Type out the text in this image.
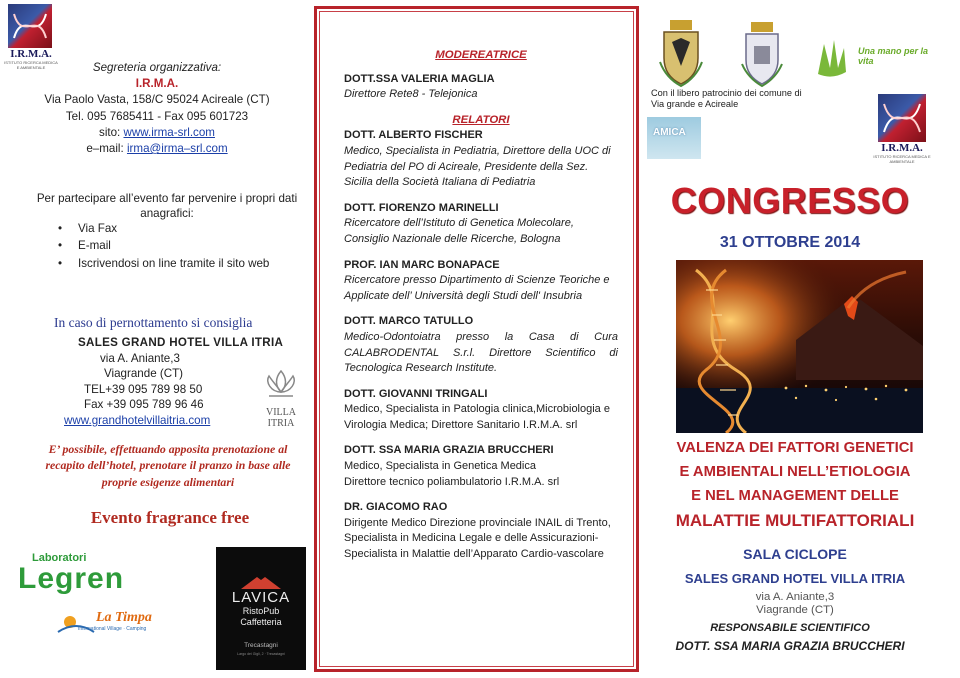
I.R.M.A.
ISTITUTO RICERCA MEDICA E AMBIENTALE	Segreteria organizzativa:
I.R.M.A.
Via Paolo Vasta, 158/C 95024 Acireale (CT)
Tel. 095 7685411 - Fax 095 601723
sito: www.irma-srl.com
e–mail: irma@irma–srl.com
Per partecipare all’evento far pervenire i propri dati anagrafici:
• Via Fax
• E-mail
• Iscrivendosi on line tramite il sito web
In caso di pernottamento si consiglia
SALES GRAND HOTEL VILLA ITRIA
via A. Aniante,3
Viagrande (CT)
TEL+39 095 789 98 50
Fax +39 095 789 96 46
www.grandhotelvillaitria.com
VILLA ITRIA
E’ possibile, effettuando apposita prenotazione al recapito dell’hotel, prenotare il pranzo in base alle proprie esigenze alimentari
Evento fragrance free
Laboratori
Legren
La Timpa
International Village · Camping
LAVICA
RistoPub
Caffetteria
Trecastagni
Largo dei Gigli, 2 · Trecastagni
MODEREATRICE
DOTT.SSA VALERIA MAGLIA
Direttore Rete8 - Telejonica
RELATORI
DOTT. ALBERTO FISCHER
Medico, Specialista in Pediatria, Direttore della UOC di Pediatria del PO di Acireale, Presidente della Sez. Sicilia della Società Italiana di Pediatria
DOTT. FIORENZO MARINELLI
Ricercatore dell’Istituto di Genetica Molecolare, Consiglio Nazionale delle Ricerche, Bologna
PROF. IAN MARC BONAPACE
Ricercatore presso Dipartimento di Scienze Teoriche e Applicate dell’ Università degli Studi dell' Insubria
DOTT. MARCO TATULLO
Medico-Odontoiatra presso la Casa di Cura CALABRODENTAL S.r.l. Direttore Scientifico di Tecnologica Research Institute.
DOTT. GIOVANNI TRINGALI
Medico, Specialista in Patologia clinica,Microbiologia e Virologia Medica; Direttore Sanitario I.R.M.A. srl
DOTT. SSA MARIA GRAZIA BRUCCHERI
Medico, Specialista in Genetica Medica
Direttore tecnico poliambulatorio I.R.M.A. srl
DR. GIACOMO RAO
Dirigente Medico Direzione provinciale INAIL di Trento, Specialista in Medicina Legale e delle Assicurazioni- Specialista in Malattie dell’Apparato Cardio-vascolare
Con il libero patrocinio dei comune di
Via grande e Acireale
Una mano per la vita
AMICA
I.R.M.A.
ISTITUTO RICERCA MEDICA E AMBIENTALE
CONGRESSO
31 OTTOBRE 2014
VALENZA DEI FATTORI GENETICI
E AMBIENTALI NELL’ETIOLOGIA
E NEL MANAGEMENT DELLE
MALATTIE MULTIFATTORIALI
SALA CICLOPE
SALES GRAND HOTEL VILLA ITRIA
via A. Aniante,3
Viagrande (CT)
RESPONSABILE SCIENTIFICO
DOTT. SSA MARIA GRAZIA BRUCCHERI
